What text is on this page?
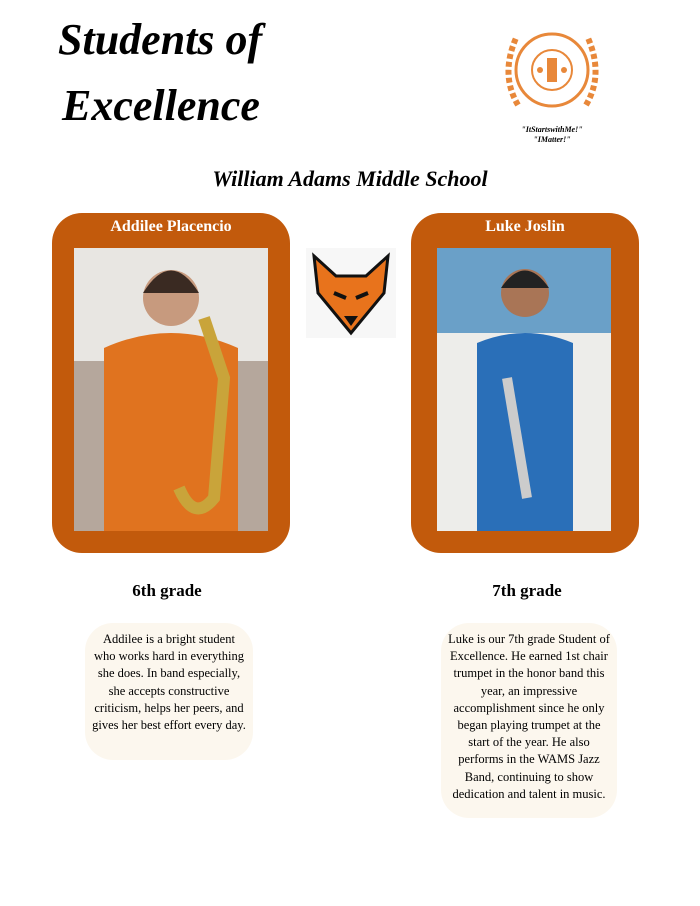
Students of
Excellence	"ItStartswithMe!"
"IMatter!"
William Adams Middle School
Addilee Placencio	Luke Joslin
6th grade	7th grade
Addilee is a bright student who works hard in everything she does. In band especially, she accepts constructive criticism, helps her peers, and gives her best effort every day.
Luke is our 7th grade Student of Excellence. He earned 1st chair trumpet in the honor band this year, an impressive accomplishment since he only began playing trumpet at the start of the year. He also performs in the WAMS Jazz Band, continuing to show dedication and talent in music.
